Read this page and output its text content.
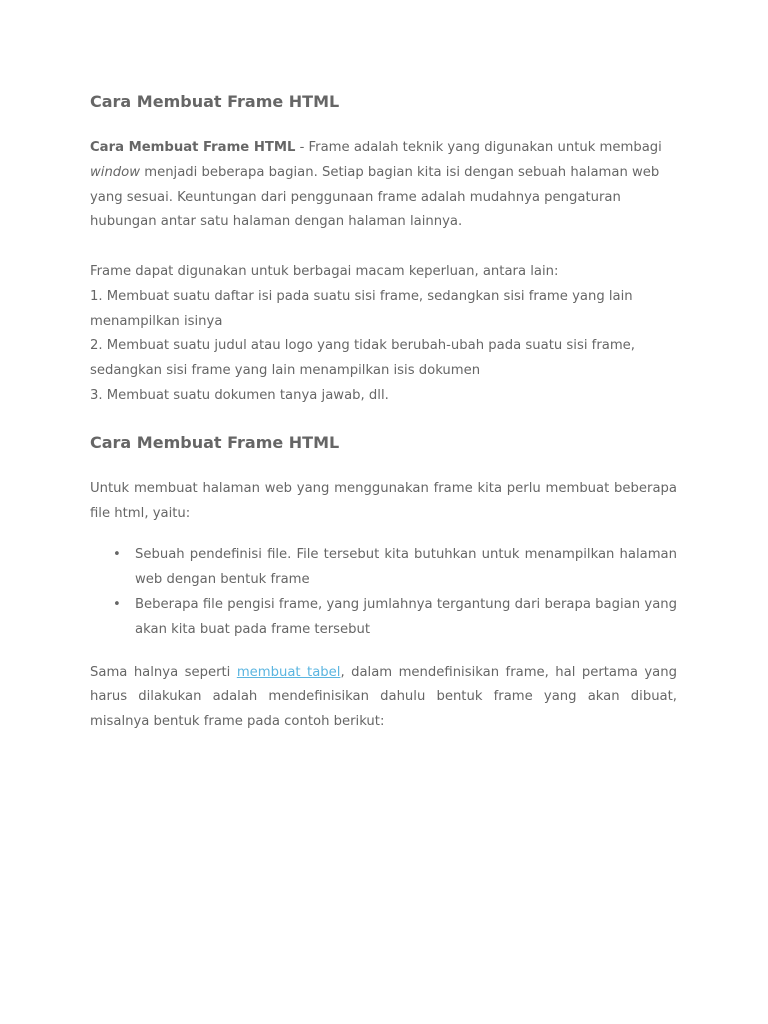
Cara Membuat Frame HTML

Cara Membuat Frame HTML - Frame adalah teknik yang digunakan untuk membagi window menjadi beberapa bagian. Setiap bagian kita isi dengan sebuah halaman web yang sesuai. Keuntungan dari penggunaan frame adalah mudahnya pengaturan hubungan antar satu halaman dengan halaman lainnya.

Frame dapat digunakan untuk berbagai macam keperluan, antara lain:

1. Membuat suatu daftar isi pada suatu sisi frame, sedangkan sisi frame yang lain menampilkan isinya

2. Membuat suatu judul atau logo yang tidak berubah-ubah pada suatu sisi frame, sedangkan sisi frame yang lain menampilkan isis dokumen

3. Membuat suatu dokumen tanya jawab, dll.

Cara Membuat Frame HTML

Untuk membuat halaman web yang menggunakan frame kita perlu membuat beberapa file html, yaitu:

• Sebuah pendefinisi file. File tersebut kita butuhkan untuk menampilkan halaman web dengan bentuk frame
• Beberapa file pengisi frame, yang jumlahnya tergantung dari berapa bagian yang akan kita buat pada frame tersebut

Sama halnya seperti membuat tabel, dalam mendefinisikan frame, hal pertama yang harus dilakukan adalah mendefinisikan dahulu bentuk frame yang akan dibuat, misalnya bentuk frame pada contoh berikut:
